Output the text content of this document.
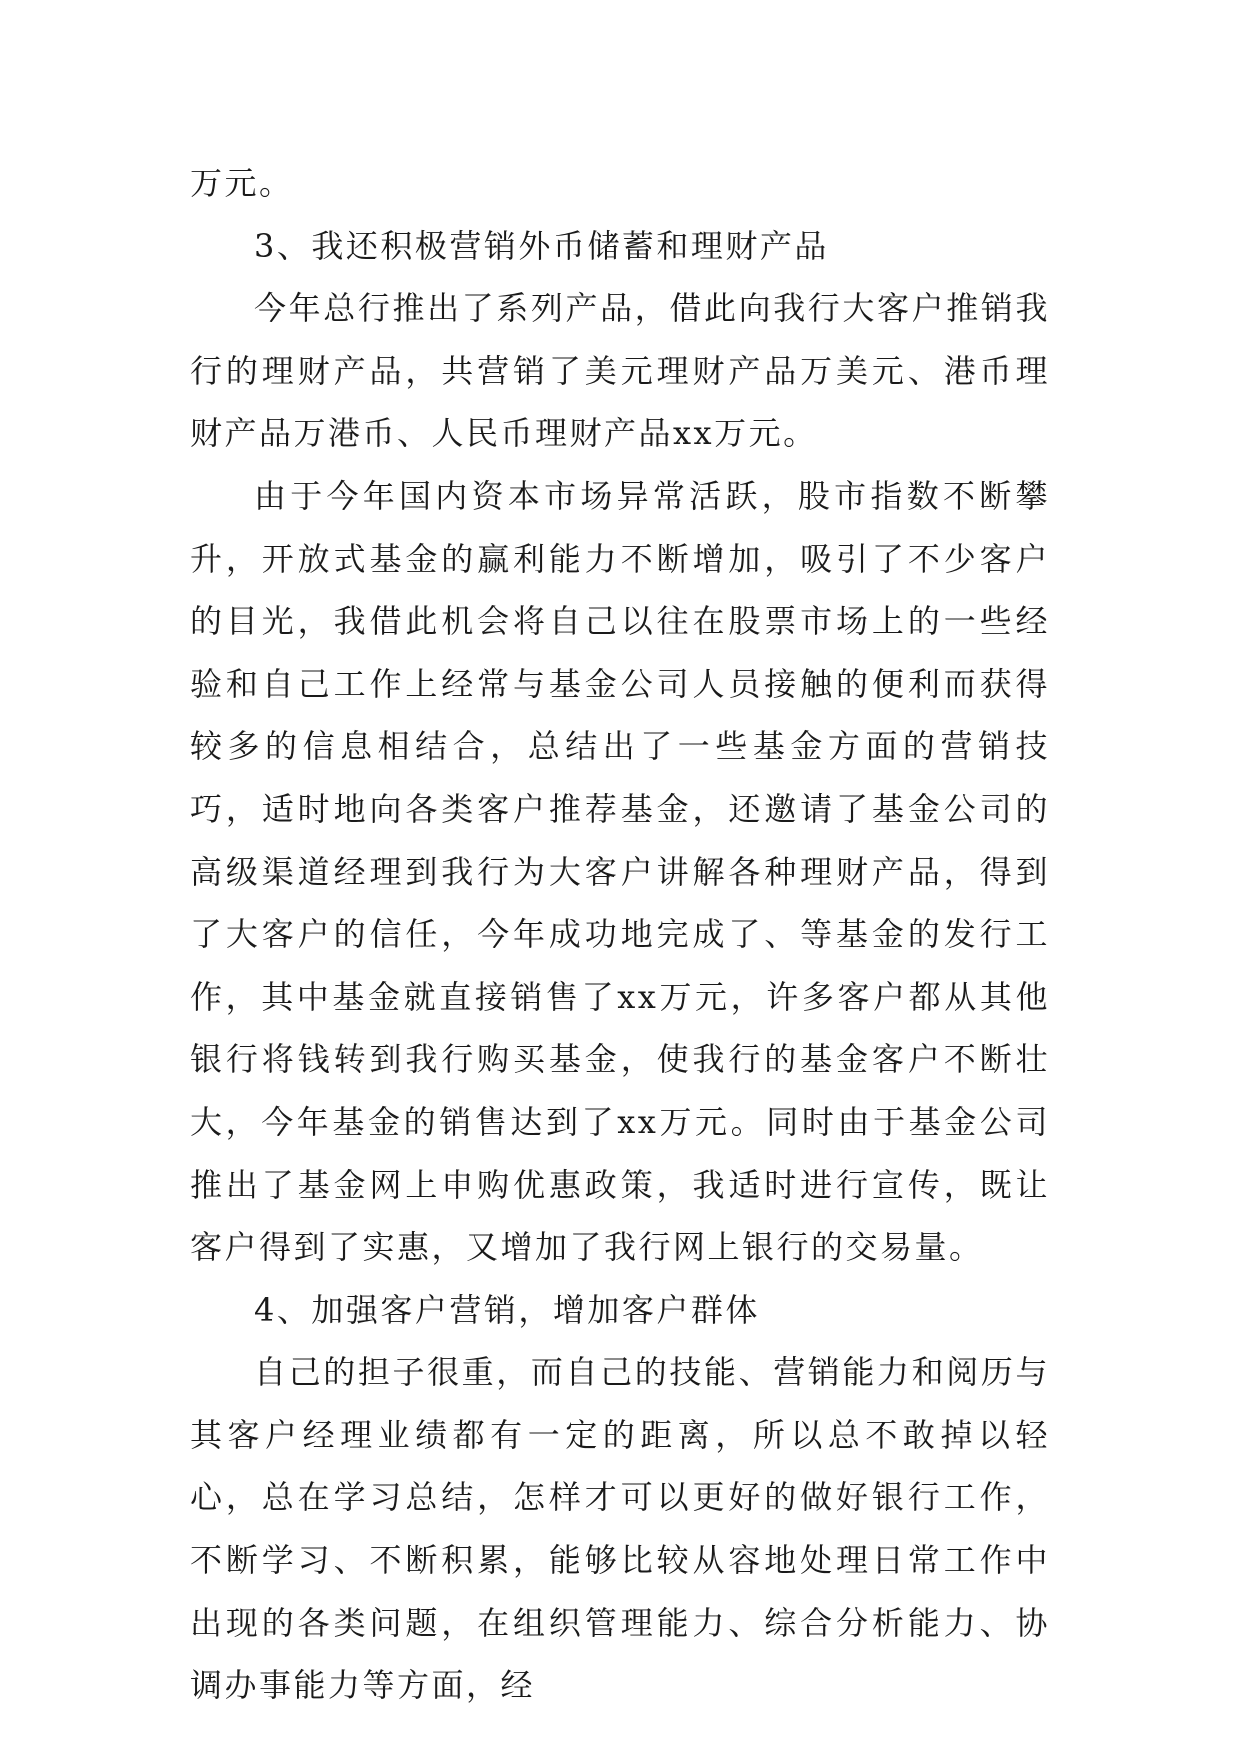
万元。

3、我还积极营销外币储蓄和理财产品

今年总行推出了系列产品，借此向我行大客户推销我行的理财产品，共营销了美元理财产品万美元、港币理财产品万港币、人民币理财产品xx万元。

由于今年国内资本市场异常活跃，股市指数不断攀升，开放式基金的赢利能力不断增加，吸引了不少客户的目光，我借此机会将自己以往在股票市场上的一些经验和自己工作上经常与基金公司人员接触的便利而获得较多的信息相结合，总结出了一些基金方面的营销技巧，适时地向各类客户推荐基金，还邀请了基金公司的高级渠道经理到我行为大客户讲解各种理财产品，得到了大客户的信任，今年成功地完成了、等基金的发行工作，其中基金就直接销售了xx万元，许多客户都从其他银行将钱转到我行购买基金，使我行的基金客户不断壮大，今年基金的销售达到了xx万元。同时由于基金公司推出了基金网上申购优惠政策，我适时进行宣传，既让客户得到了实惠，又增加了我行网上银行的交易量。

4、加强客户营销，增加客户群体

自己的担子很重，而自己的技能、营销能力和阅历与其客户经理业绩都有一定的距离，所以总不敢掉以轻心，总在学习总结，怎样才可以更好的做好银行工作，不断学习、不断积累，能够比较从容地处理日常工作中出现的各类问题，在组织管理能力、综合分析能力、协调办事能力等方面，经
